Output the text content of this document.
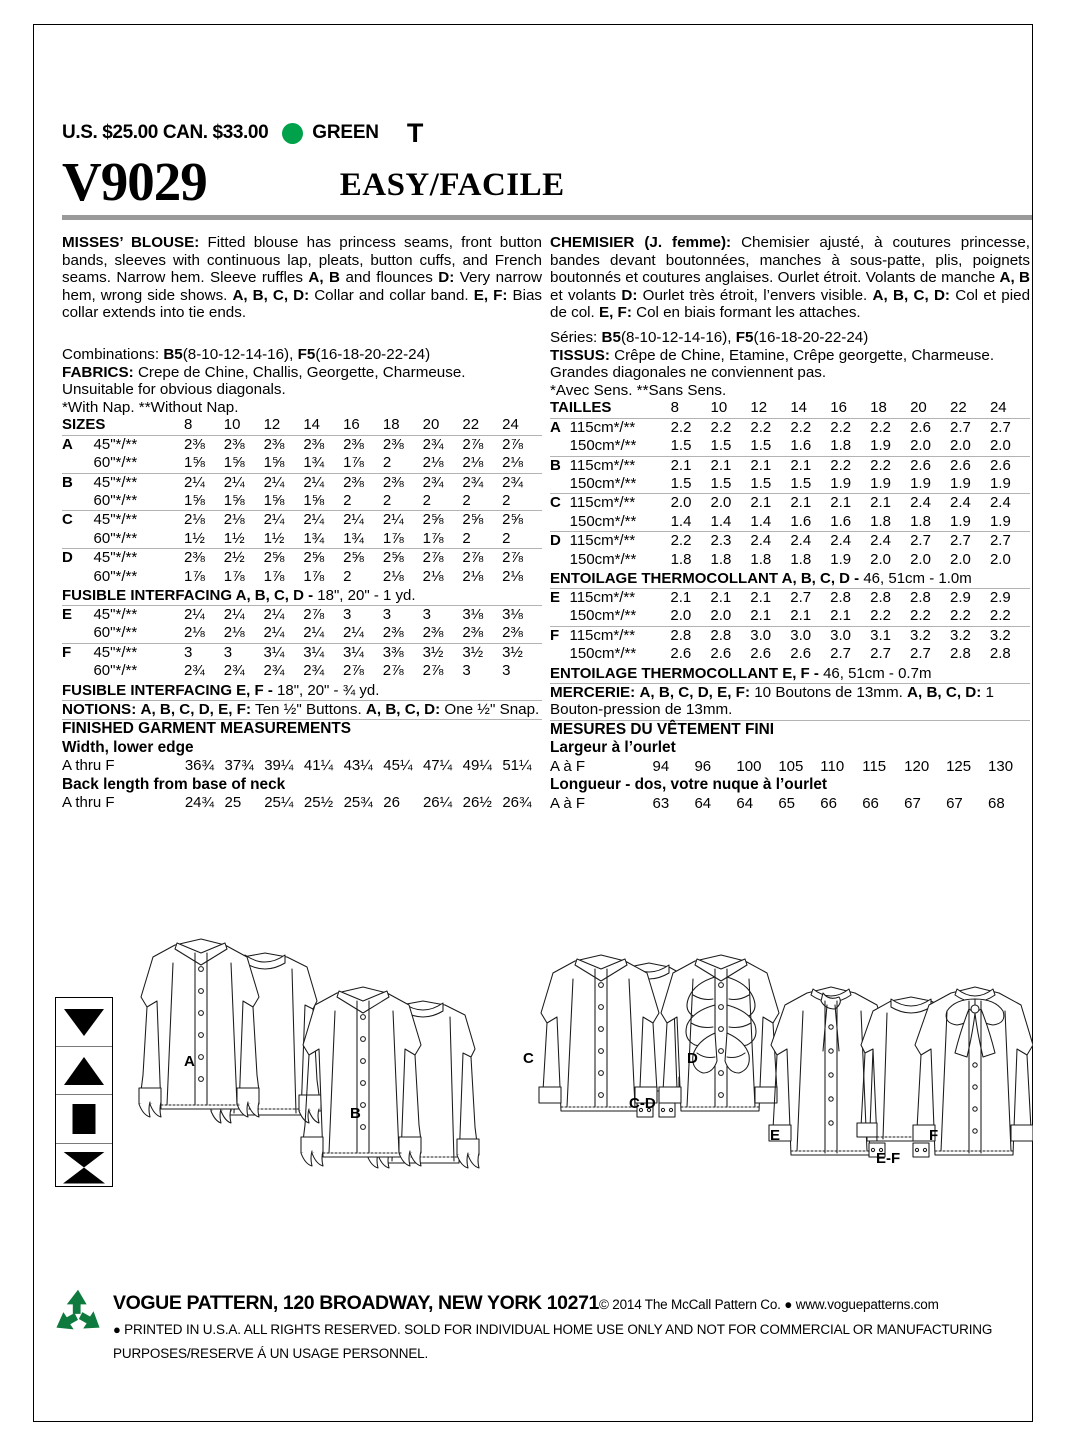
U.S. $25.00 CAN. $33.00 GREEN T
V9029	EASY/FACILE
MISSES’ BLOUSE: Fitted blouse has princess seams, front button bands, sleeves with continuous lap, pleats, button cuffs, and French seams. Narrow hem. Sleeve ruffles A, B and flounces D: Very narrow hem, wrong side shows. A, B, C, D: Collar and collar band. E, F: Bias collar extends into tie ends.
Combinations: B5(8-10-12-14-16), F5(16-18-20-22-24)
FABRICS: Crepe de Chine, Challis, Georgette, Charmeuse.
Unsuitable for obvious diagonals.
*With Nap. **Without Nap.
SIZES		8	10	12	14	16	18	20	22	24
A	45"*/**	2⅜	2⅜	2⅜	2⅜	2⅜	2⅜	2¾	2⅞	2⅞
	60"*/**	1⅝	1⅝	1⅝	1¾	1⅞	2	2⅛	2⅛	2⅛
B	45"*/**	2¼	2¼	2¼	2¼	2⅜	2⅜	2¾	2¾	2¾
	60"*/**	1⅝	1⅝	1⅝	1⅝	2	2	2	2	2
C	45"*/**	2⅛	2⅛	2¼	2¼	2¼	2¼	2⅝	2⅝	2⅝
	60"*/**	1½	1½	1½	1¾	1¾	1⅞	1⅞	2	2
D	45"*/**	2⅜	2½	2⅝	2⅝	2⅝	2⅝	2⅞	2⅞	2⅞
	60"*/**	1⅞	1⅞	1⅞	1⅞	2	2⅛	2⅛	2⅛	2⅛
FUSIBLE INTERFACING A, B, C, D - 18", 20" - 1 yd.
E	45"*/**	2¼	2¼	2¼	2⅞	3	3	3	3⅛	3⅛
	60"*/**	2⅛	2⅛	2¼	2¼	2¼	2⅜	2⅜	2⅜	2⅜
F	45"*/**	3	3	3¼	3¼	3¼	3⅜	3½	3½	3½
	60"*/**	2¾	2¾	2¾	2¾	2⅞	2⅞	2⅞	3	3
FUSIBLE INTERFACING E, F - 18", 20" - ¾ yd.
NOTIONS: A, B, C, D, E, F: Ten ½" Buttons. A, B, C, D: One ½" Snap.
FINISHED GARMENT MEASUREMENTS
Width, lower edge
A thru F	36¾ 37¾ 39¼ 41¼ 43¼ 45¼ 47¼ 49¼ 51¼
Back length from base of neck
A thru F	24¾ 25	25¼ 25½ 25¾ 26	26¼ 26½ 26¾
CHEMISIER (J. femme): Chemisier ajusté, à coutures princesse, bandes devant boutonnées, manches à sous-patte, plis, poignets boutonnés et coutures anglaises. Ourlet étroit. Volants de manche A, B et volants D: Ourlet très étroit, l’envers visible. A, B, C, D: Col et pied de col. E, F: Col en biais formant les attaches.
Séries: B5(8-10-12-14-16), F5(16-18-20-22-24)
TISSUS: Crêpe de Chine, Etamine, Crêpe georgette, Charmeuse.
Grandes diagonales ne conviennent pas.
*Avec Sens. **Sans Sens.
TAILLES		8	10	12	14	16	18	20	22	24
A	115cm*/**	2.2	2.2	2.2	2.2	2.2	2.2	2.6	2.7	2.7
	150cm*/**	1.5	1.5	1.5	1.6	1.8	1.9	2.0	2.0	2.0
B	115cm*/**	2.1	2.1	2.1	2.1	2.2	2.2	2.6	2.6	2.6
	150cm*/**	1.5	1.5	1.5	1.5	1.9	1.9	1.9	1.9	1.9
C	115cm*/**	2.0	2.0	2.1	2.1	2.1	2.1	2.4	2.4	2.4
	150cm*/**	1.4	1.4	1.4	1.6	1.6	1.8	1.8	1.9	1.9
D	115cm*/**	2.2	2.3	2.4	2.4	2.4	2.4	2.7	2.7	2.7
	150cm*/**	1.8	1.8	1.8	1.8	1.9	2.0	2.0	2.0	2.0
ENTOILAGE THERMOCOLLANT A, B, C, D - 46, 51cm - 1.0m
E	115cm*/**	2.1	2.1	2.1	2.7	2.8	2.8	2.8	2.9	2.9
	150cm*/**	2.0	2.0	2.1	2.1	2.1	2.2	2.2	2.2	2.2
F	115cm*/**	2.8	2.8	3.0	3.0	3.0	3.1	3.2	3.2	3.2
	150cm*/**	2.6	2.6	2.6	2.6	2.7	2.7	2.7	2.8	2.8
ENTOILAGE THERMOCOLLANT E, F - 46, 51cm - 0.7m
MERCERIE: A, B, C, D, E, F: 10 Boutons de 13mm. A, B, C, D: 1 Bouton-pression de 13mm.
MESURES DU VÊTEMENT FINI
Largeur à l’ourlet
A à F	94	96	100	105	110	115	120	125	130
Longueur - dos, votre nuque à l’ourlet
A à F	63	64	64	65	66	66	67	67	68
A
B
C
C-D
D
E
E-F
F
VOGUE PATTERN, 120 BROADWAY, NEW YORK 10271© 2014 The McCall Pattern Co. ● www.voguepatterns.com
● PRINTED IN U.S.A. ALL RIGHTS RESERVED. SOLD FOR INDIVIDUAL HOME USE ONLY AND NOT FOR COMMERCIAL OR MANUFACTURING
PURPOSES/RESERVE Á UN USAGE PERSONNEL.
